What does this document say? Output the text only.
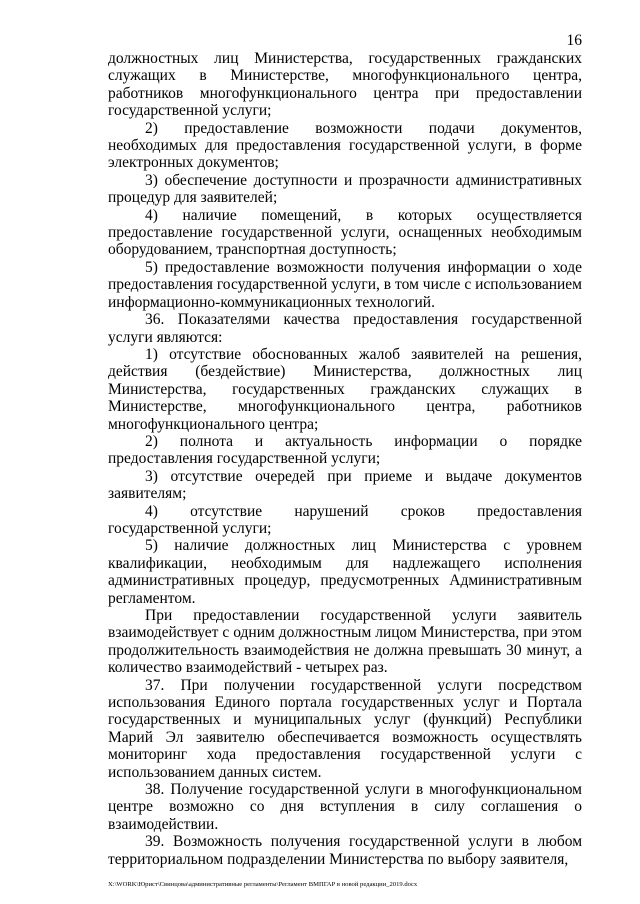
16

должностных лиц Министерства, государственных гражданских служащих в Министерстве, многофункционального центра, работников многофункционального центра при предоставлении государственной услуги;

2) предоставление возможности подачи документов, необходимых для предоставления государственной услуги, в форме электронных документов;

3) обеспечение доступности и прозрачности административных процедур для заявителей;

4) наличие помещений, в которых осуществляется предоставление государственной услуги, оснащенных необходимым оборудованием, транспортная доступность;

5) предоставление возможности получения информации о ходе предоставления государственной услуги, в том числе с использованием информационно-коммуникационных технологий.

36. Показателями качества предоставления государственной услуги являются:

1) отсутствие обоснованных жалоб заявителей на решения, действия (бездействие) Министерства, должностных лиц Министерства, государственных гражданских служащих в Министерстве, многофункционального центра, работников многофункционального центра;

2) полнота и актуальность информации о порядке предоставления государственной услуги;

3) отсутствие очередей при приеме и выдаче документов заявителям;

4) отсутствие нарушений сроков предоставления государственной услуги;

5) наличие должностных лиц Министерства с уровнем квалификации, необходимым для надлежащего исполнения административных процедур, предусмотренных Административным регламентом.

При предоставлении государственной услуги заявитель взаимодействует с одним должностным лицом Министерства, при этом продолжительность взаимодействия не должна превышать 30 минут, а количество взаимодействий - четырех раз.

37. При получении государственной услуги посредством использования Единого портала государственных услуг и Портала государственных и муниципальных услуг (функций) Республики Марий Эл заявителю обеспечивается возможность осуществлять мониторинг хода предоставления государственной услуги с использованием данных систем.

38. Получение государственной услуги в многофункциональном центре возможно со дня вступления в силу соглашения о взаимодействии.

39. Возможность получения государственной услуги в любом территориальном подразделении Министерства по выбору заявителя,

X:\WORK\Юрист\Свинцова\административные регламенты\Регламент ВМПГАР в новой редакции_2019.docx
